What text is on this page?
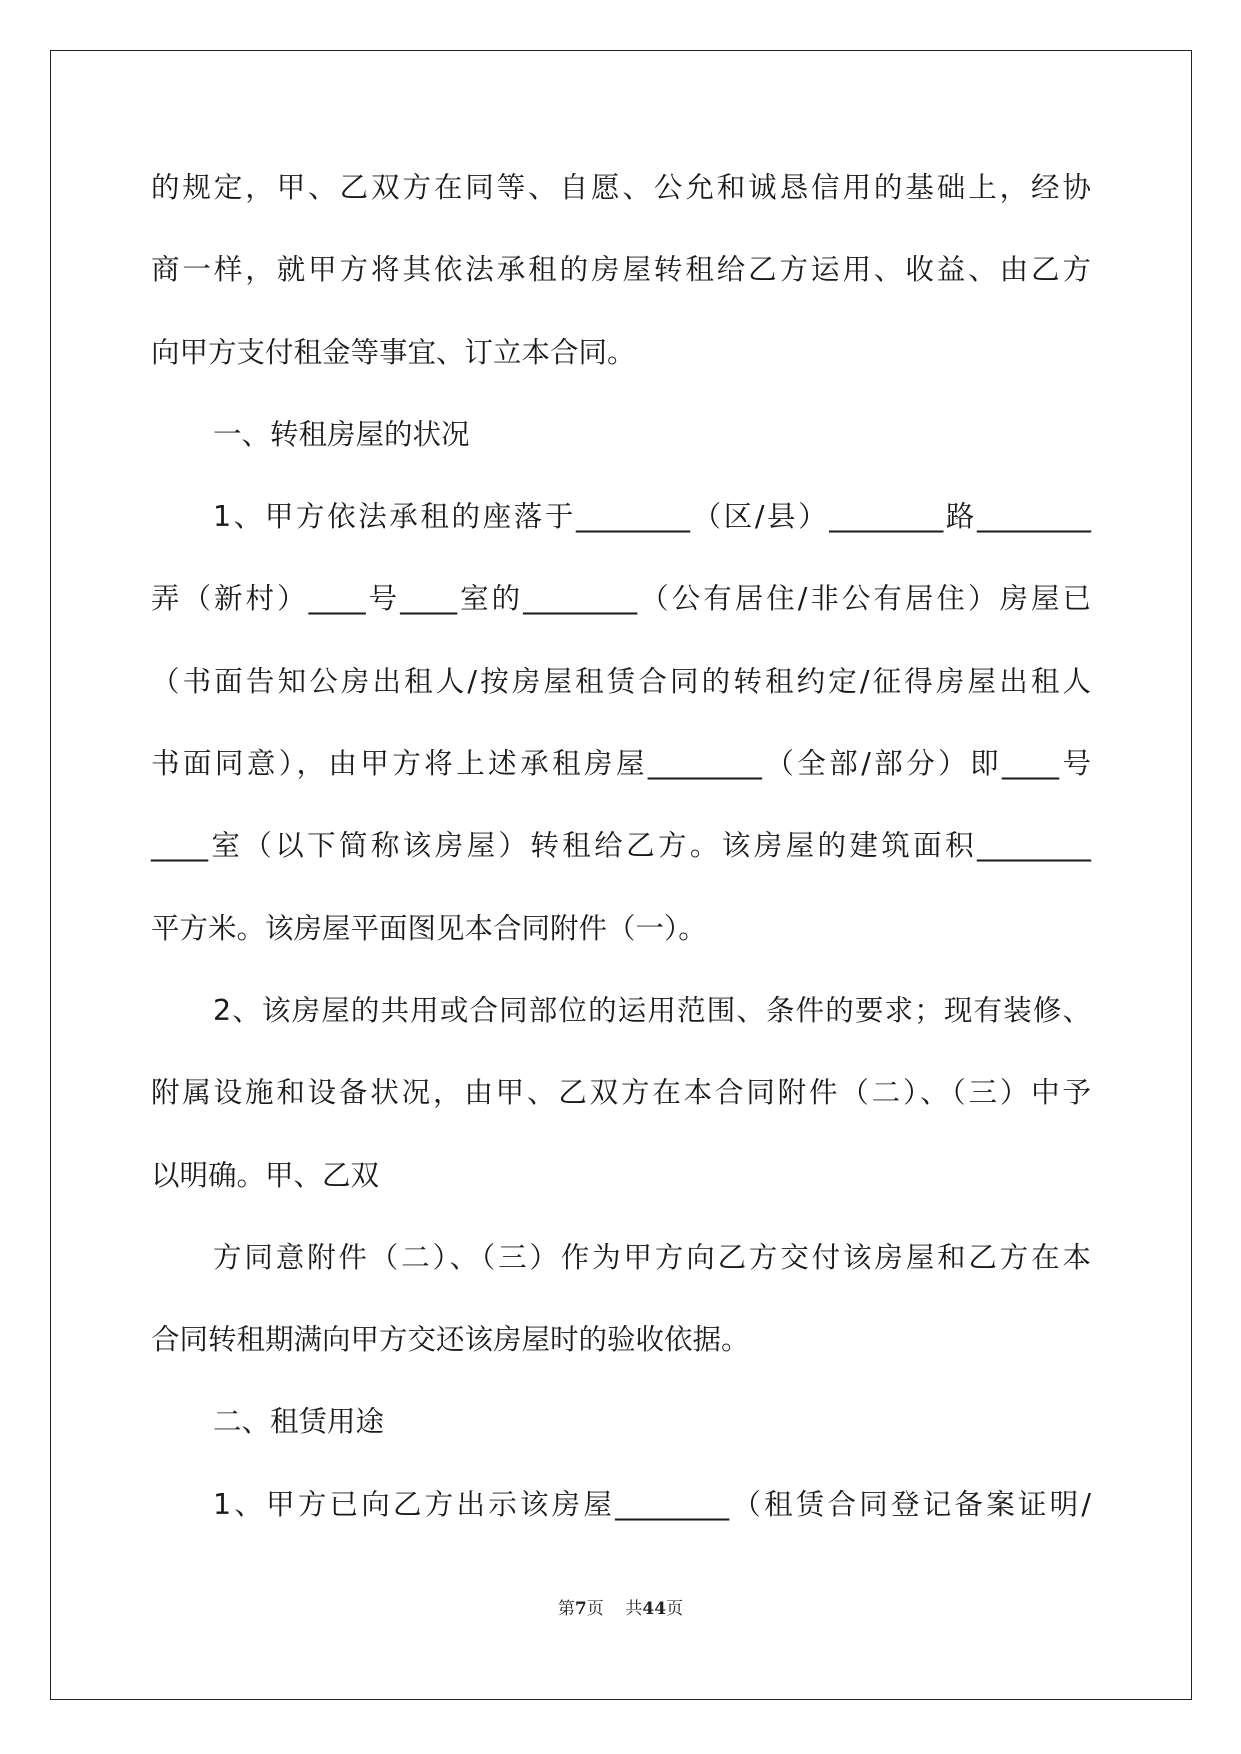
的规定，甲、乙双方在同等、自愿、公允和诚恳信用的基础上，经协
商一样，就甲方将其依法承租的房屋转租给乙方运用、收益、由乙方
向甲方支付租金等事宜、订立本合同。
一、转租房屋的状况
1、甲方依法承租的座落于________（区/县）________路________
弄（新村）____号____室的________（公有居住/非公有居住）房屋已
（书面告知公房出租人/按房屋租赁合同的转租约定/征得房屋出租人
书面同意），由甲方将上述承租房屋________（全部/部分）即____号
____室（以下简称该房屋）转租给乙方。该房屋的建筑面积________
平方米。该房屋平面图见本合同附件（一）。
2、该房屋的共用或合同部位的运用范围、条件的要求；现有装修、
附属设施和设备状况，由甲、乙双方在本合同附件（二）、（三）中予
以明确。甲、乙双
方同意附件（二）、（三）作为甲方向乙方交付该房屋和乙方在本
合同转租期满向甲方交还该房屋时的验收依据。
二、租赁用途
1、甲方已向乙方出示该房屋________（租赁合同登记备案证明/
第7页 共44页
